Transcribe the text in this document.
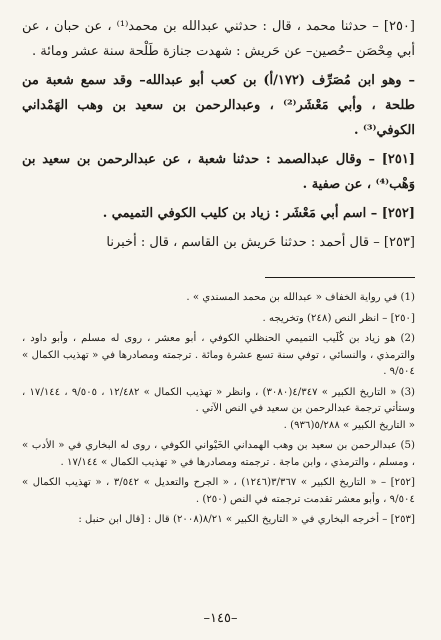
[٢٥٠] – حدثنا محمد ، قال : حدثني عبدالله بن محمد⁽¹⁾ ، عن حبان ، عن أبي مِحْصَن –حُصين– عن حَريش : شهدت جنازة طَلْحة سنة عشر ومائة .

– وهو ابن مُصَرِّف (١٧٢/أ) بن كعب أبو عبدالله– وقد سمع شعبة من طلحة ، وأبي مَعْشَر⁽²⁾ ، وعبدالرحمن بن سعيد بن وهب الهَمْداني الكوفي⁽³⁾ .

[٢٥١] – وقال عبدالصمد : حدثنا شعبة ، عن عبدالرحمن بن سعيد بن وَهْب⁽⁴⁾ ، عن صفية .

[٢٥٢] – اسم أبي مَعْشَر : زياد بن كليب الكوفي التميمي .

[٢٥٣] – قال أحمد : حدثنا حَريش بن القاسم ، قال : أخبرنا

(1) في رواية الخفاف « عبدالله بن محمد المسندي » .

[٢٥٠] – انظر النص (٢٤٨) وتخريجه .

(2) هو زياد بن كُلَيب التميمي الحنظلي الكوفي ، أبو معشر ، روى له مسلم ، وأبو داود ، والترمذي ، والنسائي ، توفي سنة تسع عشرة ومائة . ترجمته ومصادرها في « تهذيب الكمال » ٩/٥٠٤ .

(3) « التاريخ الكبير » ٤/٣٤٧(٣٠٨٠) ، وانظر « تهذيب الكمال » ١٢/٤٨٢ ، ٩/٥٠٥ ، ١٧/١٤٤ ، وستأتي ترجمة عبدالرحمن بن سعيد في النص الآتي .

« التاريخ الكبير » ٥/٢٨٨(٩٣٦) .

(5) عبدالرحمن بن سعيد بن وهب الهمداني الخَيْواني الكوفي ، روى له البخاري في « الأدب » ، ومسلم ، والترمذي ، وابن ماجة . ترجمته ومصادرها في « تهذيب الكمال » ١٧/١٤٤ .

[٢٥٢] – « التاريخ الكبير » ٣/٣٦٧(١٢٤٦) ، « الجرح والتعديل » ٣/٥٤٢ ، « تهذيب الكمال » ٩/٥٠٤ ، وأبو معشر تقدمت ترجمته في النص (٢٥٠) .

[٢٥٣] – أخرجه البخاري في « التاريخ الكبير » ٨/٢١(٢٠٠٨) قال : [قال ابن حنبل :

–١٤٥–
